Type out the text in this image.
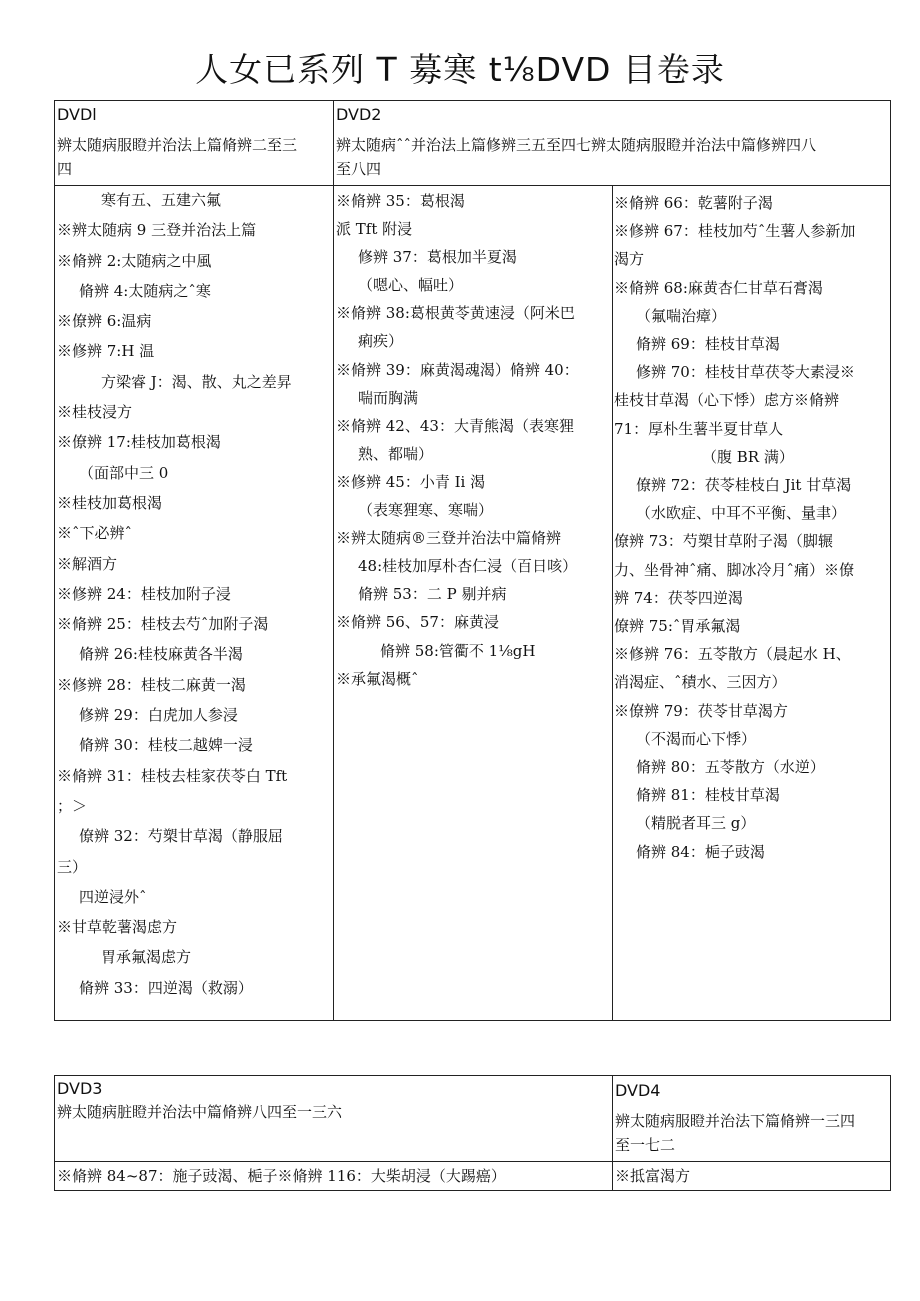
人女已系列 T 募寒 t⅛DVD 目卷录
DVDl
辨太随病服瞪并治法上篇脩辨二至三
四
DVD2
辨太随病ˆˆ并治法上篇修辨三五至四七辨太随病服瞪并治法中篇修辨四八
至八四
寒有五、五建六氟
※辨太随病 9 三登并治法上篇
※脩辨 2:太随病之中風
脩辨 4:太随病之ˆ寒
※僚辨 6:温病
※修辨 7:H 温
方梁睿 J：渴、散、丸之差昇
※桂枝浸方
※僚辨 17:桂枝加葛根渴
（面部中三 0
※桂枝加葛根渴
※ˆ下必辨ˆ
※解酒方
※修辨 24：桂枝加附子浸
※脩辨 25：桂枝去芍ˆ加附子渴
脩辨 26:桂枝麻黄各半渴
※修辨 28：桂枝二麻黄一渴
修辨 29：白虎加人参浸
脩辨 30：桂枝二越婢一浸
※脩辨 31：桂枝去桂家茯苓白 Tft
；＞
僚辨 32：芍槊甘草渴（静服屈
三）
四逆浸外ˆ
※甘草乾薯渴虑方
胃承氟渴虑方
脩辨 33：四逆渴（救溺）
※脩辨 35：葛根渴
派 Tft 附浸
修辨 37：葛根加半夏渴
（嗯心、幅吐）
※脩辨 38:葛根黄苓黄速浸（阿米巴
痢疾）
※脩辨 39：麻黄渴魂渴）脩辨 40：
喘而胸满
※脩辨 42、43：大青熊渴（表寒狸
熟、都喘）
※修辨 45：小青 Ii 渴
（表寒狸寒、寒喘）
※辨太随病®三登并治法中篇脩辨
48:桂枝加厚朴杏仁浸（百日咳）
脩辨 53：二 P 剔并病
※脩辨 56、57：麻黄浸
脩辨 58:管衢不 1⅛gH
※承氟渴概ˆ
※脩辨 66：乾薯附子渴
※修辨 67：桂枝加芍ˆ生薯人参新加
渴方
※脩辨 68:麻黄杏仁甘草石膏渴
（氟喘治瘴）
脩辨 69：桂枝甘草渴
修辨 70：桂枝甘草茯苓大素浸※
桂枝甘草渴（心下悸）虑方※脩辨
71：厚朴生薯半夏甘草人
（腹 BR 满）
僚辨 72：茯苓桂枝白 Jit 甘草渴
（水欧症、中耳不平衡、量聿）
僚辨 73：芍槊甘草附子渴（脚辗
力、坐骨神ˆ痛、脚冰冷月ˆ痛）※僚
辨 74：茯苓四逆渴
僚辨 75:ˆ胃承氟渴
※修辨 76：五苓散方（晨起水 H、
消渴症、ˆ積水、三因方）
※僚辨 79：茯苓甘草渴方
（不渴而心下悸）
脩辨 80：五苓散方（水逆）
脩辨 81：桂枝甘草渴
（精脱者耳三 g）
脩辨 84：梔子豉渴
DVD3
辨太随病脏瞪并治法中篇脩辨八四至一三六
DVD4
辨太随病服瞪并治法下篇脩辨一三四
至一七二
※脩辨 84~87：施子豉渴、梔子※脩辨 116：大柴胡浸（大踢癌）	※抵富渴方
